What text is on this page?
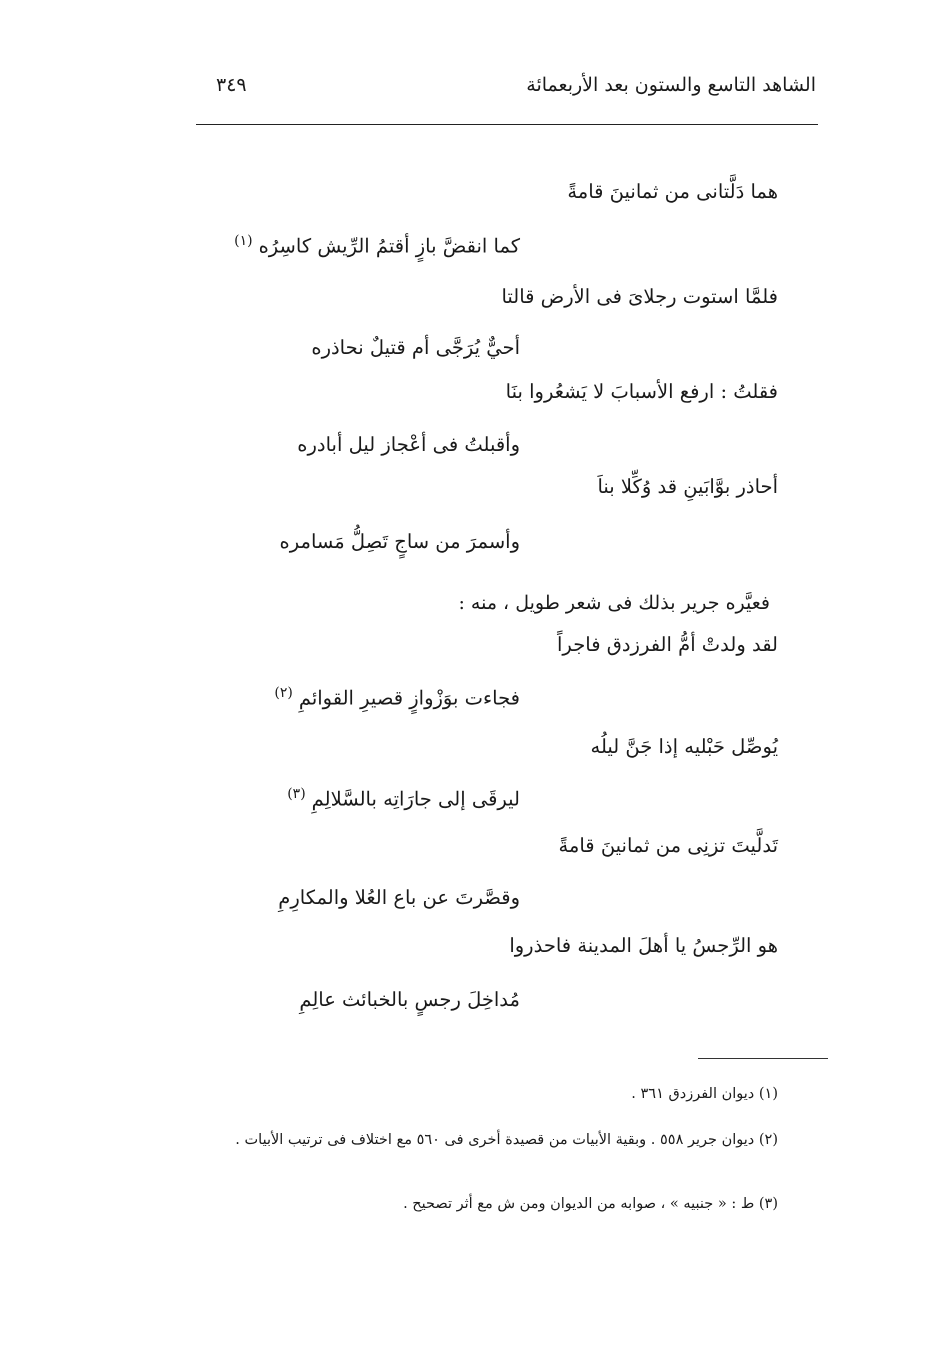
الشاهد التاسع والستون بعد الأربعمائة
٣٤٩
هما دَلَّتانى من ثمانينَ قامةً
كما انقضَّ بازٍ أقتمُ الرِّيش كاسِرُه$^{(١)}$
فلمَّا استوت رجلاىَ فى الأرض قالتا
أحيٌّ يُرَجَّى أم قتيلٌ نحاذره
فقلتُ : ارفع الأسبابَ لا يَشعُروا بنَا
وأقبلتُ فى أعْجاز ليل أبادره
أحاذر بوَّابَينِ قد وُكِّلا بناَ
وأسمرَ من ساجٍ تَصِلُّ مَسامره
فعيَّره جرير بذلك فى شعر طويل ، منه :
لقد ولدتْ أمُّ الفرزدق فاجراً
فجاءت بوَزْوازٍ قصيرِ القوائمِ$^{(٢)}$
يُوصِّل حَبْليه إذا جَنَّ ليلُه
ليرقَى إلى جارَاتِه بالسَّلالِمِ$^{(٣)}$
تَدلَّيتَ تزنِى من ثمانينَ قامةً
وقصَّرتَ عن باع العُلا والمكارِمِ
هو الرِّجسُ يا أهلَ المدينة فاحذروا
مُداخِلَ رجسٍ بالخبائث عالِمِ
(١) ديوان الفرزدق ٣٦١ .
(٢) ديوان جرير ٥٥٨ . وبقية الأبيات من قصيدة أخرى فى ٥٦٠ مع اختلاف فى ترتيب الأبيات .
(٣) ط : « جنبيه » ، صوابه من الديوان ومن ش مع أثر تصحيح .
